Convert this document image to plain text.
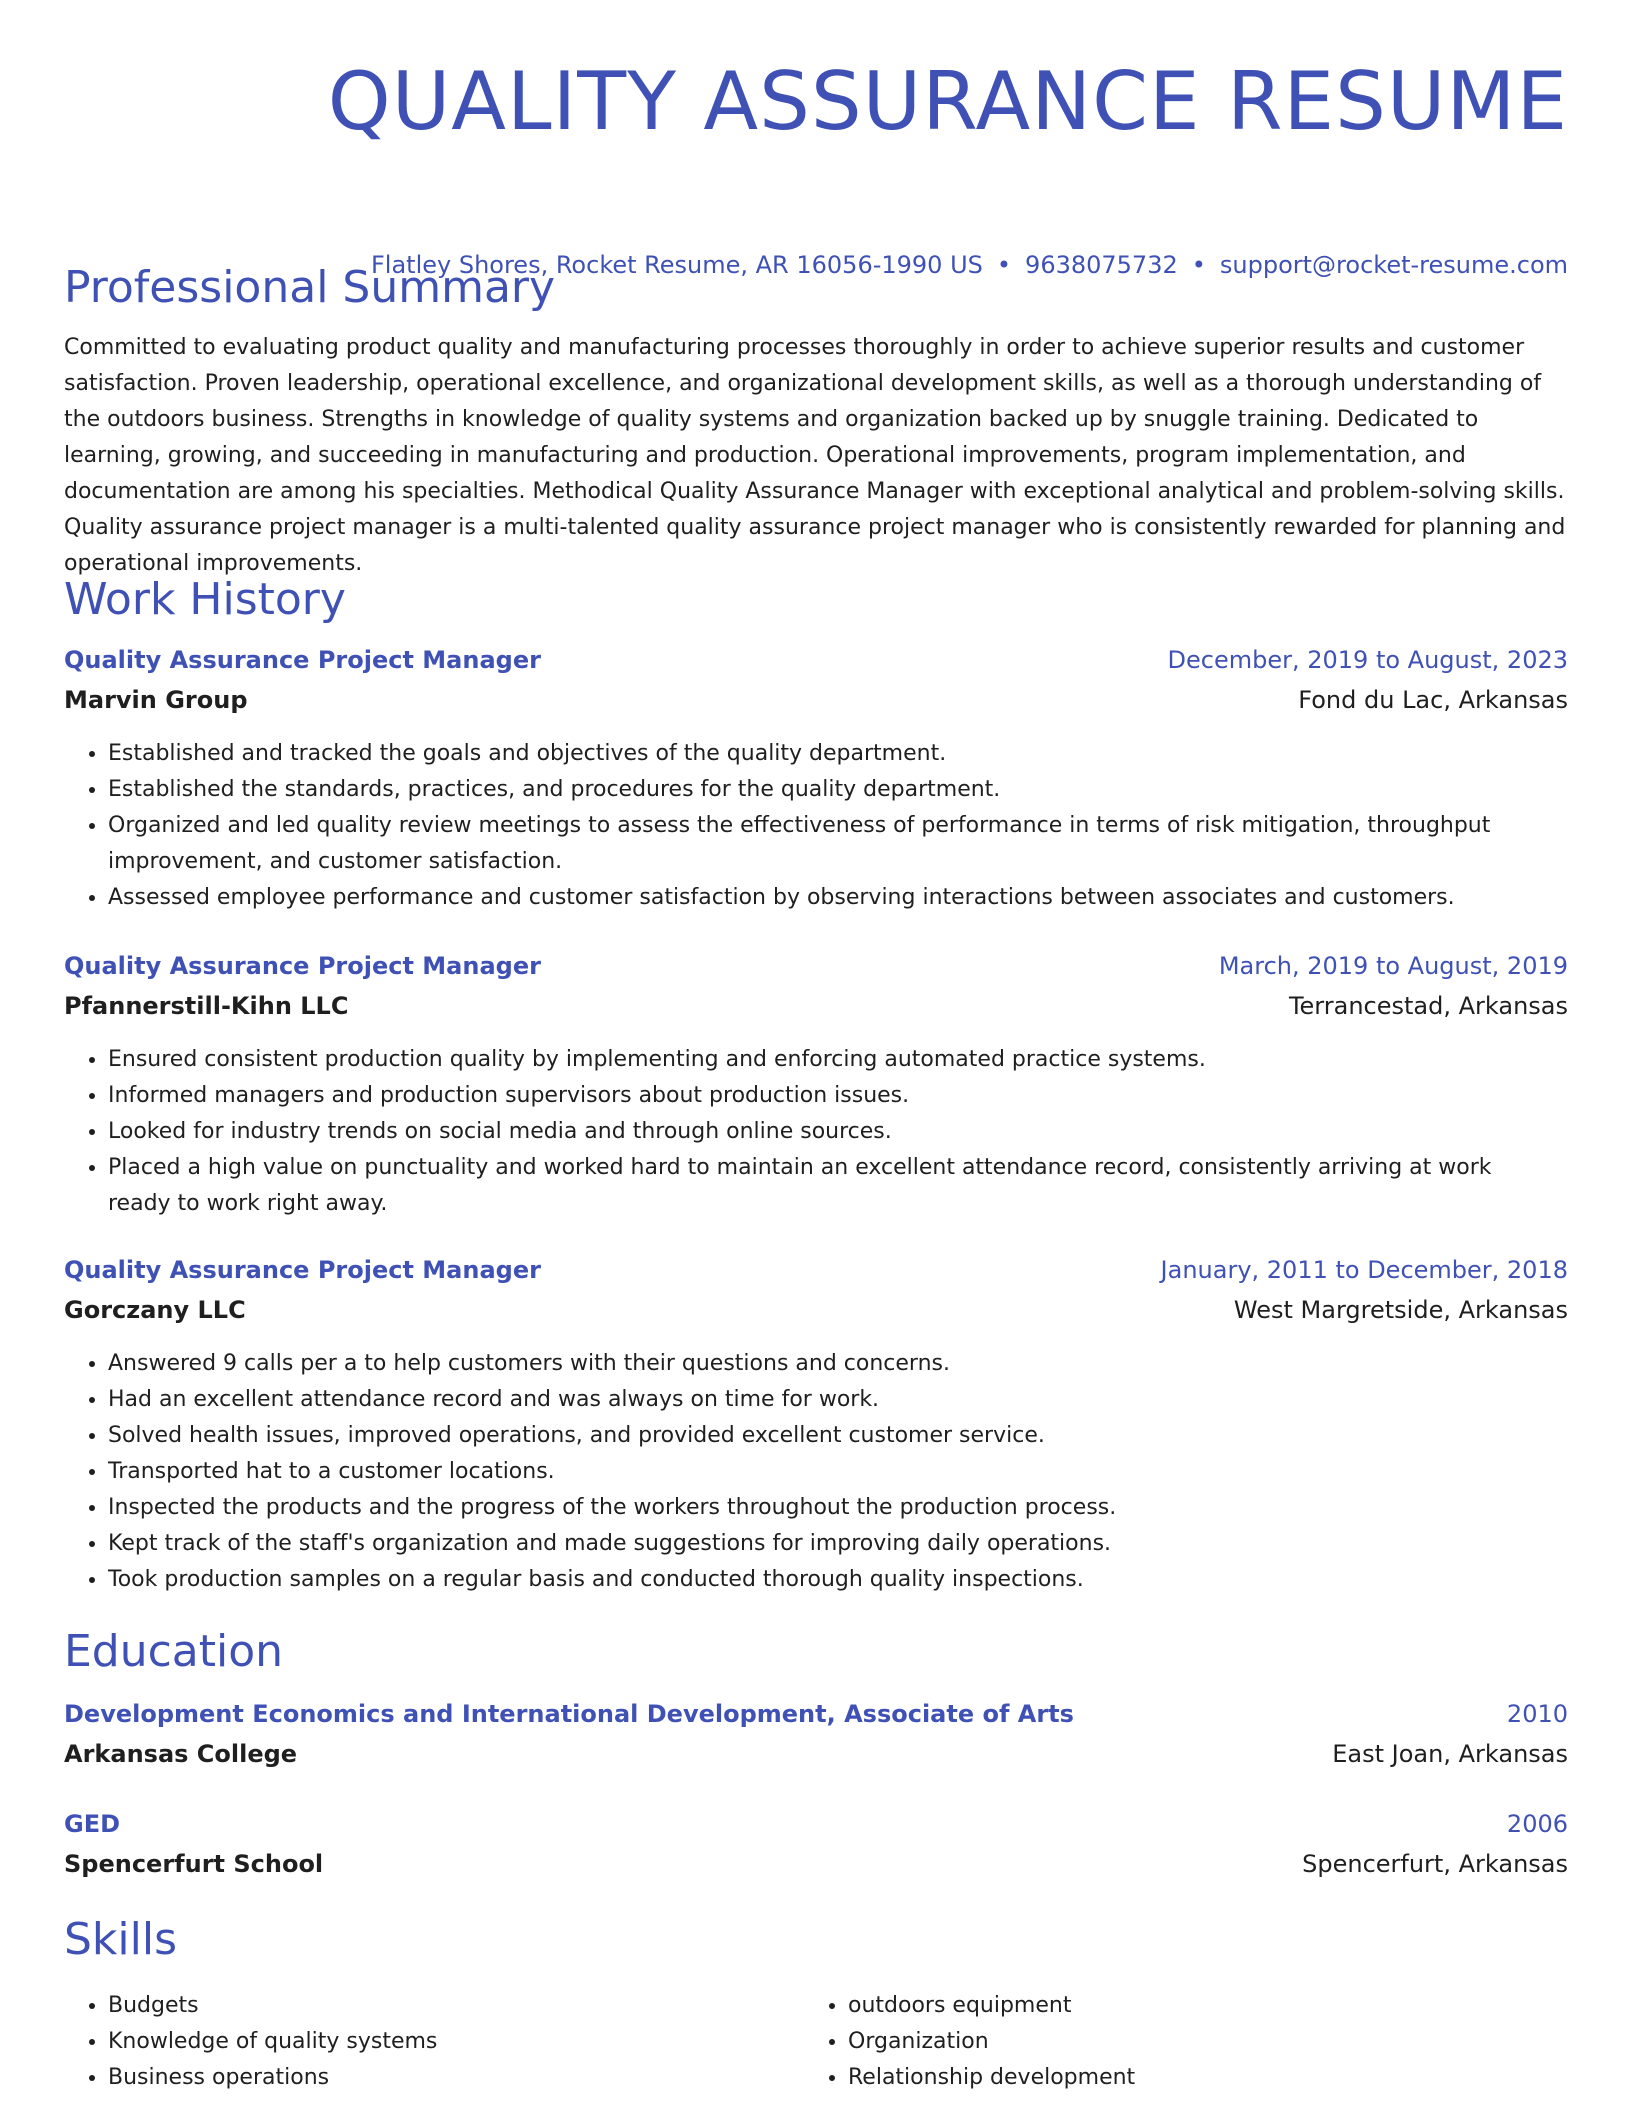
QUALITY ASSURANCE RESUME
Flatley Shores, Rocket Resume, AR 16056-1990 US • 9638075732 • support@rocket-resume.com
Professional Summary

Committed to evaluating product quality and manufacturing processes thoroughly in order to achieve superior results and customer satisfaction. Proven leadership, operational excellence, and organizational development skills, as well as a thorough understanding of the outdoors business. Strengths in knowledge of quality systems and organization backed up by snuggle training. Dedicated to learning, growing, and succeeding in manufacturing and production. Operational improvements, program implementation, and documentation are among his specialties. Methodical Quality Assurance Manager with exceptional analytical and problem-solving skills. Quality assurance project manager is a multi-talented quality assurance project manager who is consistently rewarded for planning and operational improvements.

Work History
Quality Assurance Project Manager	December, 2019 to August, 2023
Marvin Group	Fond du Lac, Arkansas
• Established and tracked the goals and objectives of the quality department.
• Established the standards, practices, and procedures for the quality department.
• Organized and led quality review meetings to assess the effectiveness of performance in terms of risk mitigation, throughput improvement, and customer satisfaction.
• Assessed employee performance and customer satisfaction by observing interactions between associates and customers.
Quality Assurance Project Manager	March, 2019 to August, 2019
Pfannerstill-Kihn LLC	Terrancestad, Arkansas
• Ensured consistent production quality by implementing and enforcing automated practice systems.
• Informed managers and production supervisors about production issues.
• Looked for industry trends on social media and through online sources.
• Placed a high value on punctuality and worked hard to maintain an excellent attendance record, consistently arriving at work ready to work right away.
Quality Assurance Project Manager	January, 2011 to December, 2018
Gorczany LLC	West Margretside, Arkansas
• Answered 9 calls per a to help customers with their questions and concerns.
• Had an excellent attendance record and was always on time for work.
• Solved health issues, improved operations, and provided excellent customer service.
• Transported hat to a customer locations.
• Inspected the products and the progress of the workers throughout the production process.
• Kept track of the staff's organization and made suggestions for improving daily operations.
• Took production samples on a regular basis and conducted thorough quality inspections.
Education
Development Economics and International Development, Associate of Arts	2010
Arkansas College	East Joan, Arkansas
GED	2006
Spencerfurt School	Spencerfurt, Arkansas
Skills
• Budgets
• Knowledge of quality systems
• Business operations
• outdoors equipment
• Organization
• Relationship development
